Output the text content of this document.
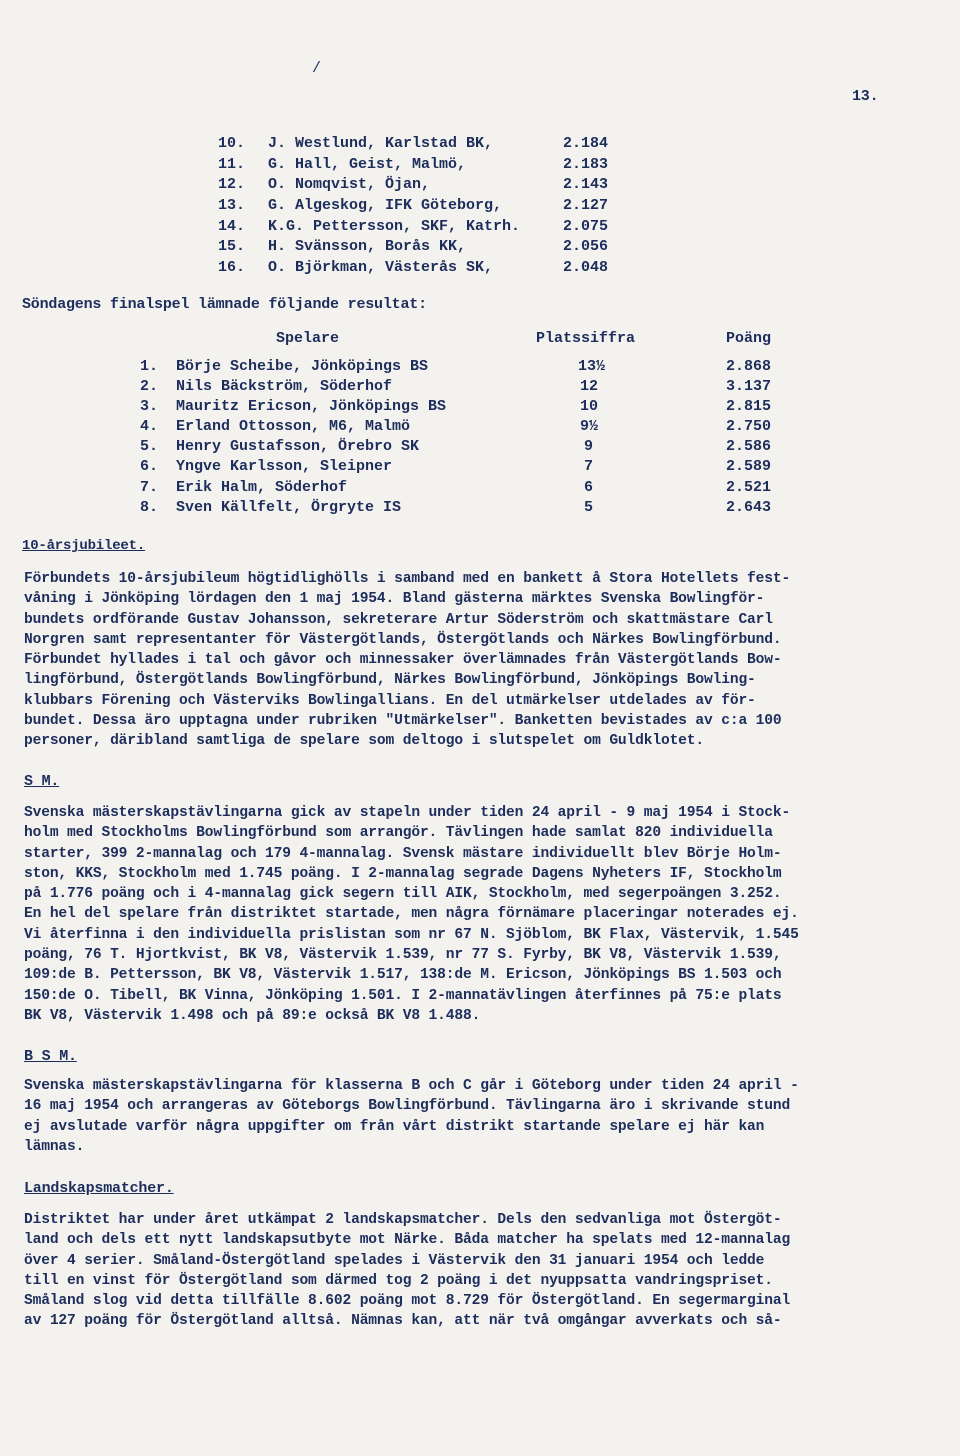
/
13.
10. J. Westlund, Karlstad BK,	2.184
11. G. Hall, Geist, Malmö,	2.183
12. O. Nomqvist, Öjan,	2.143
13. G. Algeskog, IFK Göteborg,	2.127
14. K.G. Pettersson, SKF, Katrh.	2.075
15. H. Svänsson, Borås KK,	2.056
16. O. Björkman, Västerås SK,	2.048
Söndagens finalspel lämnade följande resultat:
Spelare	Platssiffra	Poäng
1. Börje Scheibe, Jönköpings BS	13½	2.868
2. Nils Bäckström, Söderhof	12	3.137
3. Mauritz Ericson, Jönköpings BS	10	2.815
4. Erland Ottosson, M6, Malmö	9½	2.750
5. Henry Gustafsson, Örebro SK	9	2.586
6. Yngve Karlsson, Sleipner	7	2.589
7. Erik Halm, Söderhof	6	2.521
8. Sven Källfelt, Örgryte IS	5	2.643
10-årsjubileet.
Förbundets 10-årsjubileum högtidlighölls i samband med en bankett å Stora Hotellets fest-
våning i Jönköping lördagen den 1 maj 1954. Bland gästerna märktes Svenska Bowlingför-
bundets ordförande Gustav Johansson, sekreterare Artur Söderström och skattmästare Carl
Norgren samt representanter för Västergötlands, Östergötlands och Närkes Bowlingförbund.
Förbundet hyllades i tal och gåvor och minnessaker överlämnades från Västergötlands Bow-
lingförbund, Östergötlands Bowlingförbund, Närkes Bowlingförbund, Jönköpings Bowling-
klubbars Förening och Västerviks Bowlingallians. En del utmärkelser utdelades av för-
bundet. Dessa äro upptagna under rubriken "Utmärkelser". Banketten bevistades av c:a 100
personer, däribland samtliga de spelare som deltogo i slutspelet om Guldklotet.
S M.
Svenska mästerskapstävlingarna gick av stapeln under tiden 24 april - 9 maj 1954 i Stock-
holm med Stockholms Bowlingförbund som arrangör. Tävlingen hade samlat 820 individuella
starter, 399 2-mannalag och 179 4-mannalag. Svensk mästare individuellt blev Börje Holm-
ston, KKS, Stockholm med 1.745 poäng. I 2-mannalag segrade Dagens Nyheters IF, Stockholm
på 1.776 poäng och i 4-mannalag gick segern till AIK, Stockholm, med segerpoängen 3.252.
En hel del spelare från distriktet startade, men några förnämare placeringar noterades ej.
Vi återfinna i den individuella prislistan som nr 67 N. Sjöblom, BK Flax, Västervik, 1.545
poäng, 76 T. Hjortkvist, BK V8, Västervik 1.539, nr 77 S. Fyrby, BK V8, Västervik 1.539,
109:de B. Pettersson, BK V8, Västervik 1.517, 138:de M. Ericson, Jönköpings BS 1.503 och
150:de O. Tibell, BK Vinna, Jönköping 1.501. I 2-mannatävlingen återfinnes på 75:e plats
BK V8, Västervik 1.498 och på 89:e också BK V8 1.488.
B S M.
Svenska mästerskapstävlingarna för klasserna B och C går i Göteborg under tiden 24 april -
16 maj 1954 och arrangeras av Göteborgs Bowlingförbund. Tävlingarna äro i skrivande stund
ej avslutade varför några uppgifter om från vårt distrikt startande spelare ej här kan
lämnas.
Landskapsmatcher.
Distriktet har under året utkämpat 2 landskapsmatcher. Dels den sedvanliga mot Östergöt-
land och dels ett nytt landskapsutbyte mot Närke. Båda matcher ha spelats med 12-mannalag
över 4 serier. Småland-Östergötland spelades i Västervik den 31 januari 1954 och ledde
till en vinst för Östergötland som därmed tog 2 poäng i det nyuppsatta vandringspriset.
Småland slog vid detta tillfälle 8.602 poäng mot 8.729 för Östergötland. En segermarginal
av 127 poäng för Östergötland alltså. Nämnas kan, att när två omgångar avverkats och så-
